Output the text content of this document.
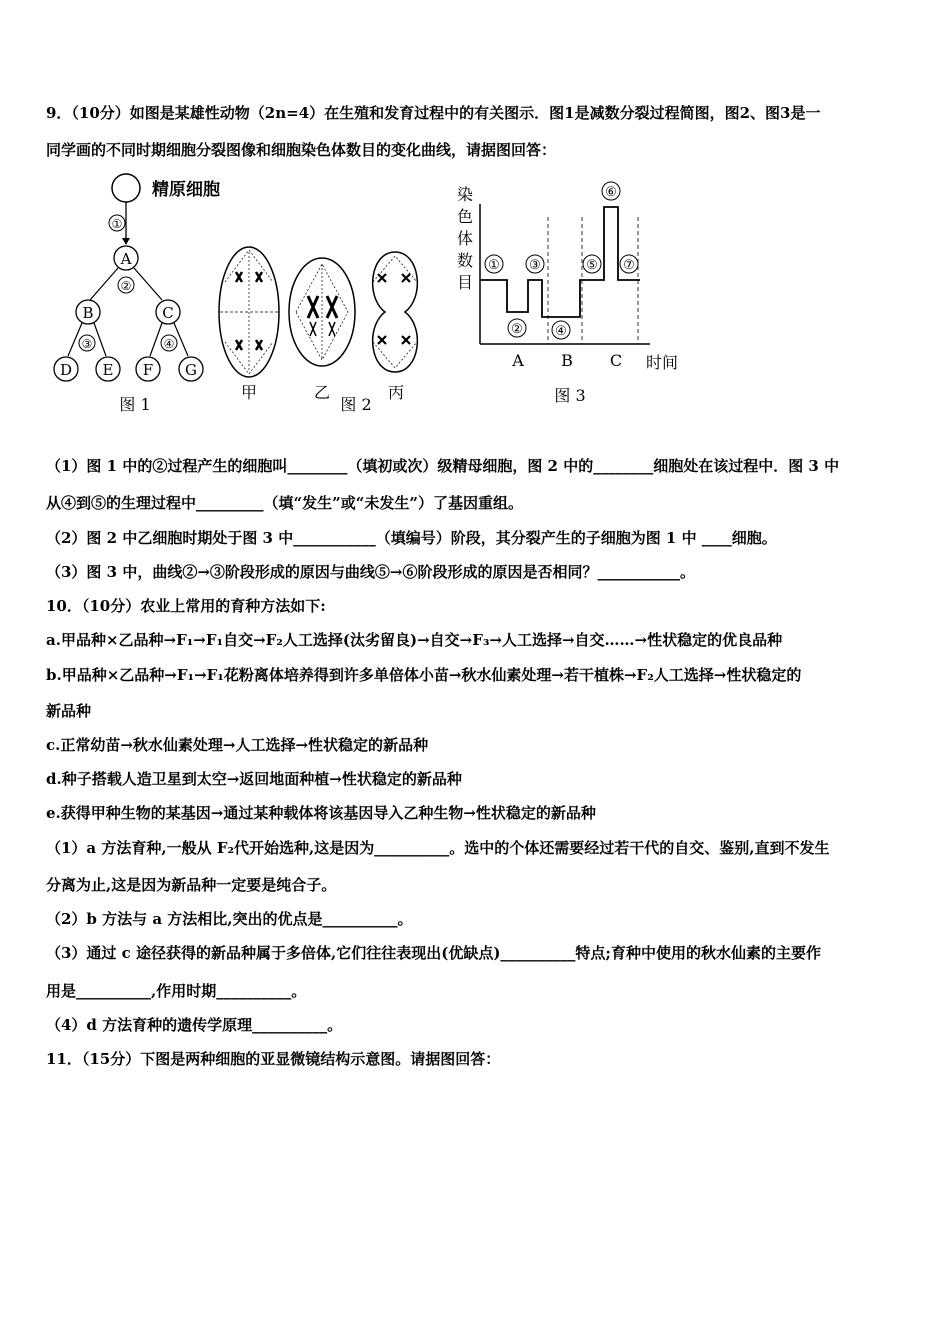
9．（10分）如图是某雄性动物（2n=4）在生殖和发育过程中的有关图示．图1是减数分裂过程简图，图2、图3是一
同学画的不同时期细胞分裂图像和细胞染色体数目的变化曲线，请据图回答：
精原细胞
①
A
②
B	C
③	④
D E F G
图 1
甲	乙	丙
图 2
染
色
体
数
目
时间
①
②
③
④
⑤
⑥
⑦
A B C
图 3
（1）图 1 中的②过程产生的细胞叫________（填初或次）级精母细胞，图 2 中的________细胞处在该过程中．图 3 中
从④到⑤的生理过程中_________（填“发生”或“未发生”）了基因重组。
（2）图 2 中乙细胞时期处于图 3 中___________（填编号）阶段，其分裂产生的子细胞为图 1 中 ____细胞。
（3）图 3 中，曲线②→③阶段形成的原因与曲线⑤→⑥阶段形成的原因是否相同？___________。
10．（10分）农业上常用的育种方法如下:
a.甲品种×乙品种→F₁→F₁自交→F₂人工选择(汰劣留良)→自交→F₃→人工选择→自交……→性状稳定的优良品种
b.甲品种×乙品种→F₁→F₁花粉离体培养得到许多单倍体小苗→秋水仙素处理→若干植株→F₂人工选择→性状稳定的
新品种
c.正常幼苗→秋水仙素处理→人工选择→性状稳定的新品种
d.种子搭载人造卫星到太空→返回地面种植→性状稳定的新品种
e.获得甲种生物的某基因→通过某种载体将该基因导入乙种生物→性状稳定的新品种
（1）a 方法育种,一般从 F₂代开始选种,这是因为__________。选中的个体还需要经过若干代的自交、鉴别,直到不发生
分离为止,这是因为新品种一定要是纯合子。
（2）b 方法与 a 方法相比,突出的优点是__________。
（3）通过 c 途径获得的新品种属于多倍体,它们往往表现出(优缺点)__________特点;育种中使用的秋水仙素的主要作
用是__________,作用时期__________。
（4）d 方法育种的遗传学原理__________。
11．（15分）下图是两种细胞的亚显微镜结构示意图。请据图回答：
